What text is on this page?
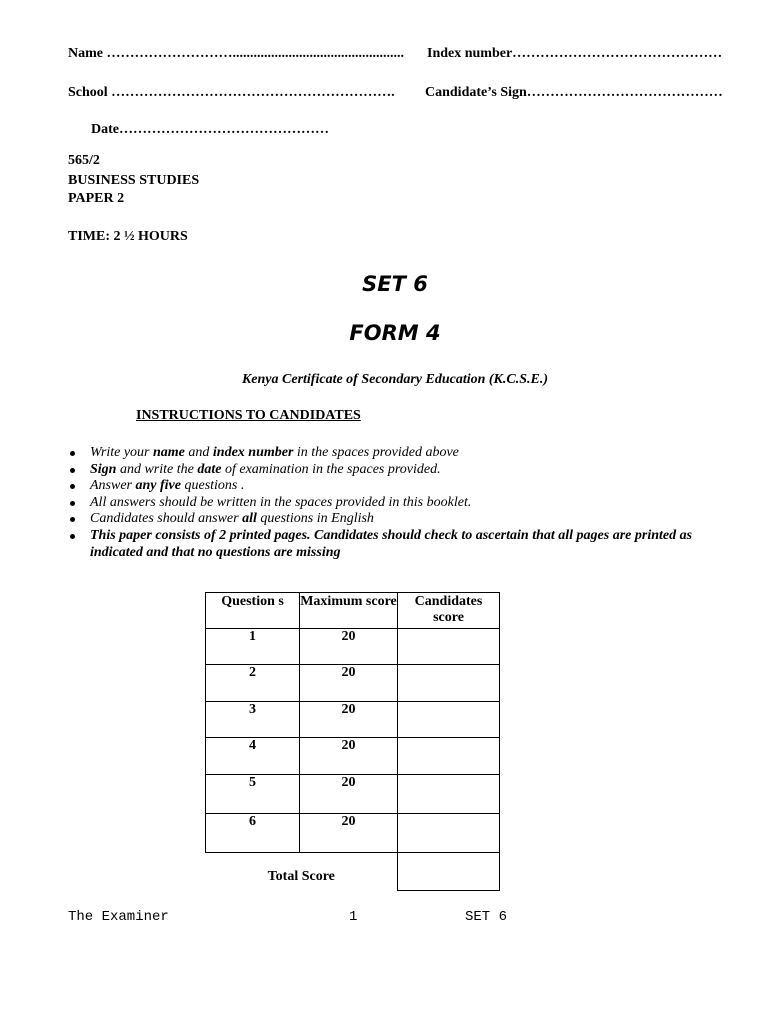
Name ………………………................................................. Index number………………………………………
School ……………………………………………………. Candidate’s Sign……………………………………
Date………………………………………
565/2
BUSINESS STUDIES
PAPER 2
TIME: 2 ½ HOURS
SET 6
FORM 4
Kenya Certificate of Secondary Education (K.C.S.E.)
INSTRUCTIONS TO CANDIDATES
Write your name and index number in the spaces provided above
Sign and write the date of examination in the spaces provided.
Answer any five questions .
All answers should be written in the spaces provided in this booklet.
Candidates should answer all questions in English
This paper consists of 2 printed pages. Candidates should check to ascertain that all pages are printed as indicated and that no questions are missing
Question s	Maximum score	Candidates score
1	20	
2	20	
3	20	
4	20	
5	20	
6	20	
Total Score		
The Examiner	1	SET 6
